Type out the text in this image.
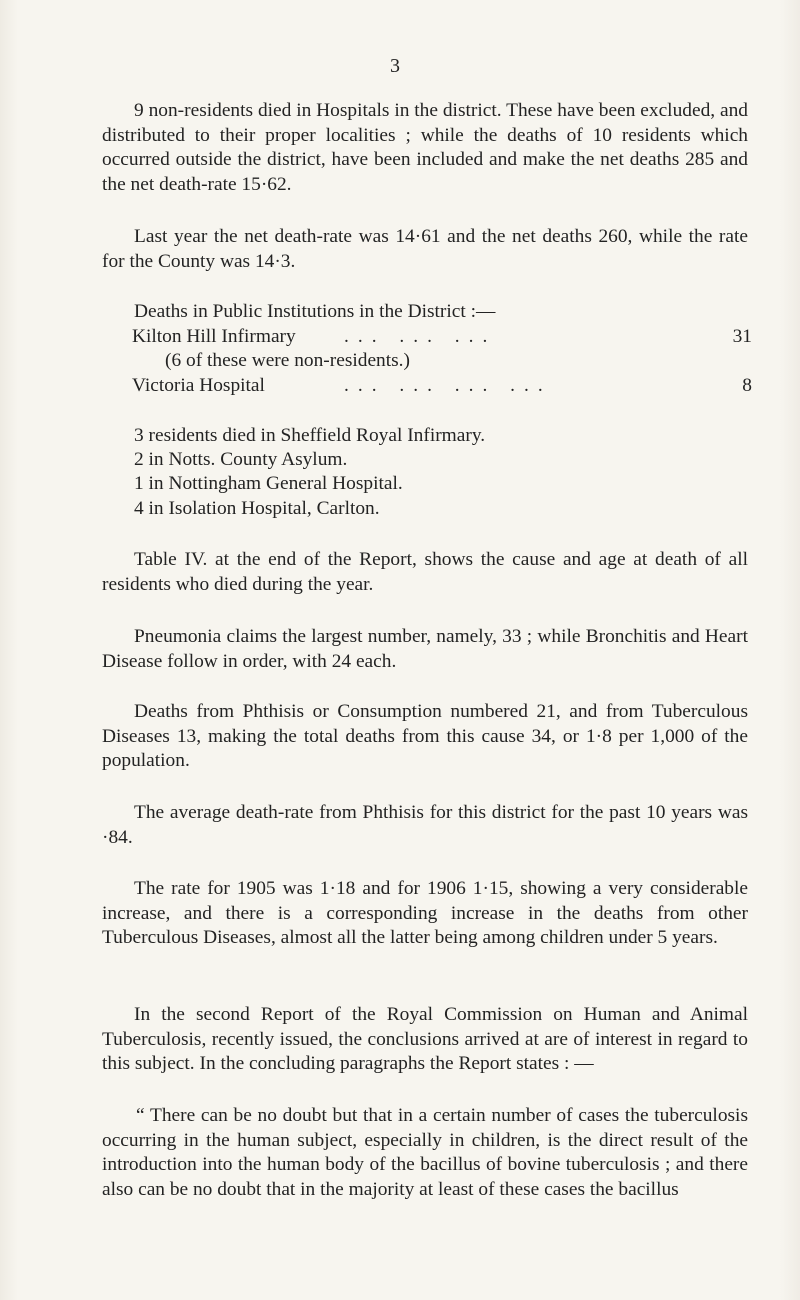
3

9 non-residents died in Hospitals in the district. These have been excluded, and distributed to their proper localities ; while the deaths of 10 residents which occurred outside the district, have been included and make the net deaths 285 and the net death-rate 15·62.

Last year the net death-rate was 14·61 and the net deaths 260, while the rate for the County was 14·3.

Deaths in Public Institutions in the District :—

Kilton Hill Infirmary ... ... ...	31
(6 of these were non-residents.)
Victoria Hospital	... ... ... ...	8
3 residents died in Sheffield Royal Infirmary.
2 in Notts. County Asylum.
1 in Nottingham General Hospital.
4 in Isolation Hospital, Carlton.

Table IV. at the end of the Report, shows the cause and age at death of all residents who died during the year.

Pneumonia claims the largest number, namely, 33 ; while Bronchitis and Heart Disease follow in order, with 24 each.

Deaths from Phthisis or Consumption numbered 21, and from Tuberculous Diseases 13, making the total deaths from this cause 34, or 1·8 per 1,000 of the population.

The average death-rate from Phthisis for this district for the past 10 years was ·84.

The rate for 1905 was 1·18 and for 1906 1·15, showing a very considerable increase, and there is a corresponding increase in the deaths from other Tuberculous Diseases, almost all the latter being among children under 5 years.

In the second Report of the Royal Commission on Human and Animal Tuberculosis, recently issued, the conclusions arrived at are of interest in regard to this subject. In the concluding paragraphs the Report states : —

“ There can be no doubt but that in a certain number of cases the tuberculosis occurring in the human subject, especially in children, is the direct result of the introduction into the human body of the bacillus of bovine tuberculosis ; and there also can be no doubt that in the majority at least of these cases the bacillus
